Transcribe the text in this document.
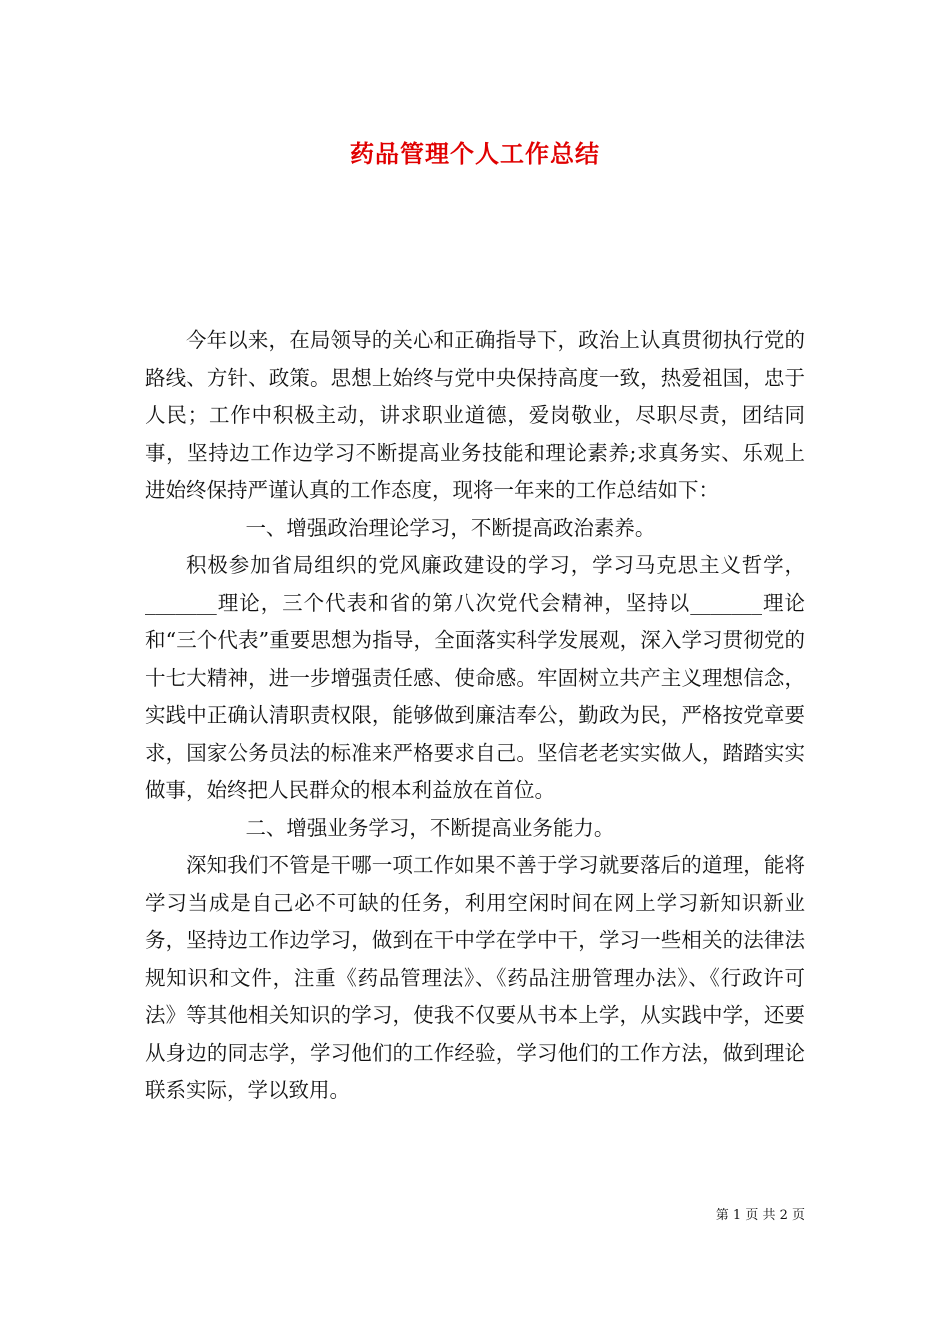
药品管理个人工作总结

今年以来，在局领导的关心和正确指导下，政治上认真贯彻执行党的路线、方针、政策。思想上始终与党中央保持高度一致，热爱祖国，忠于人民；工作中积极主动，讲求职业道德，爱岗敬业，尽职尽责，团结同事，坚持边工作边学习不断提高业务技能和理论素养;求真务实、乐观上进始终保持严谨认真的工作态度，现将一年来的工作总结如下：

一、增强政治理论学习，不断提高政治素养。

积极参加省局组织的党风廉政建设的学习，学习马克思主义哲学，_______理论，三个代表和省的第八次党代会精神，坚持以_______理论和“三个代表”重要思想为指导，全面落实科学发展观，深入学习贯彻党的十七大精神，进一步增强责任感、使命感。牢固树立共产主义理想信念，实践中正确认清职责权限，能够做到廉洁奉公，勤政为民，严格按党章要求，国家公务员法的标准来严格要求自己。坚信老老实实做人，踏踏实实做事，始终把人民群众的根本利益放在首位。

二、增强业务学习，不断提高业务能力。

深知我们不管是干哪一项工作如果不善于学习就要落后的道理，能将学习当成是自己必不可缺的任务，利用空闲时间在网上学习新知识新业务，坚持边工作边学习，做到在干中学在学中干，学习一些相关的法律法规知识和文件，注重《药品管理法》、《药品注册管理办法》、《行政许可法》等其他相关知识的学习，使我不仅要从书本上学，从实践中学，还要从身边的同志学，学习他们的工作经验，学习他们的工作方法，做到理论联系实际，学以致用。

第 1 页 共 2 页
